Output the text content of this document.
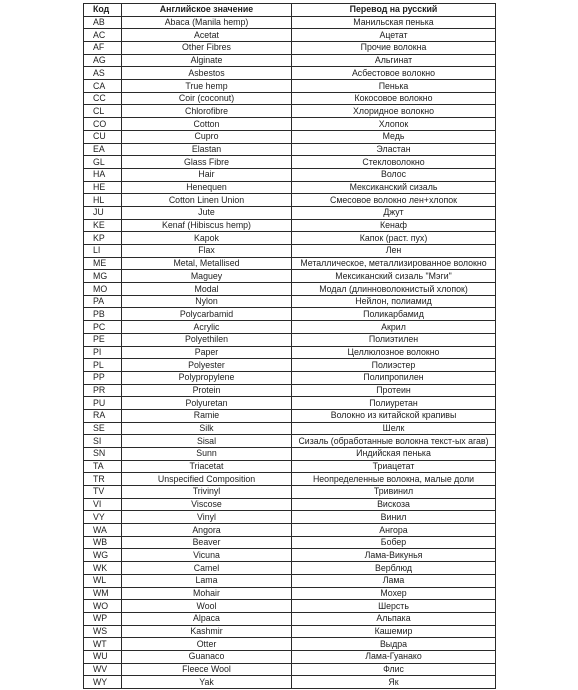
Код	Английское значение	Перевод на русский
AB	Abaca (Manila hemp)	Манильская пенька
AC	Acetat	Ацетат
AF	Other Fibres	Прочие волокна
AG	Alginate	Альгинат
AS	Asbestos	Асбестовое волокно
CA	True hemp	Пенька
CC	Coir (coconut)	Кокосовое волокно
CL	Chlorofibre	Хлоридное волокно
CO	Cotton	Хлопок
CU	Cupro	Медь
EA	Elastan	Эластан
GL	Glass Fibre	Стекловолокно
HA	Hair	Волос
HE	Henequen	Мексиканский сизаль
HL	Cotton Linen Union	Смесовое волокно лен+хлопок
JU	Jute	Джут
KE	Kenaf (Hibiscus hemp)	Кенаф
KP	Kapok	Капок (раст. пух)
LI	Flax	Лен
ME	Metal, Metallised	Металлическое, металлизированное волокно
MG	Maguey	Мексиканский сизаль "Мэги"
MO	Modal	Модал (длинноволокнистый хлопок)
PA	Nylon	Нейлон, полиамид
PB	Polycarbamid	Поликарбамид
PC	Acrylic	Акрил
PE	Polyethilen	Полиэтилен
PI	Paper	Целлюлозное волокно
PL	Polyester	Полиэстер
PP	Polypropylene	Полипропилен
PR	Protein	Протеин
PU	Polyuretan	Полиуретан
RA	Ramie	Волокно из китайской крапивы
SE	Silk	Шелк
SI	Sisal	Сизаль (обработанные волокна текст-ых агав)
SN	Sunn	Индийская пенька
TA	Triacetat	Триацетат
TR	Unspecified Composition	Неопределенные волокна, малые доли
TV	Trivinyl	Тривинил
VI	Viscose	Вискоза
VY	Vinyl	Винил
WA	Angora	Ангора
WB	Beaver	Бобер
WG	Vicuna	Лама-Викунья
WK	Camel	Верблюд
WL	Lama	Лама
WM	Mohair	Мохер
WO	Wool	Шерсть
WP	Alpaca	Альпака
WS	Kashmir	Кашемир
WT	Otter	Выдра
WU	Guanaco	Лама-Гуанако
WV	Fleece Wool	Флис
WY	Yak	Як
